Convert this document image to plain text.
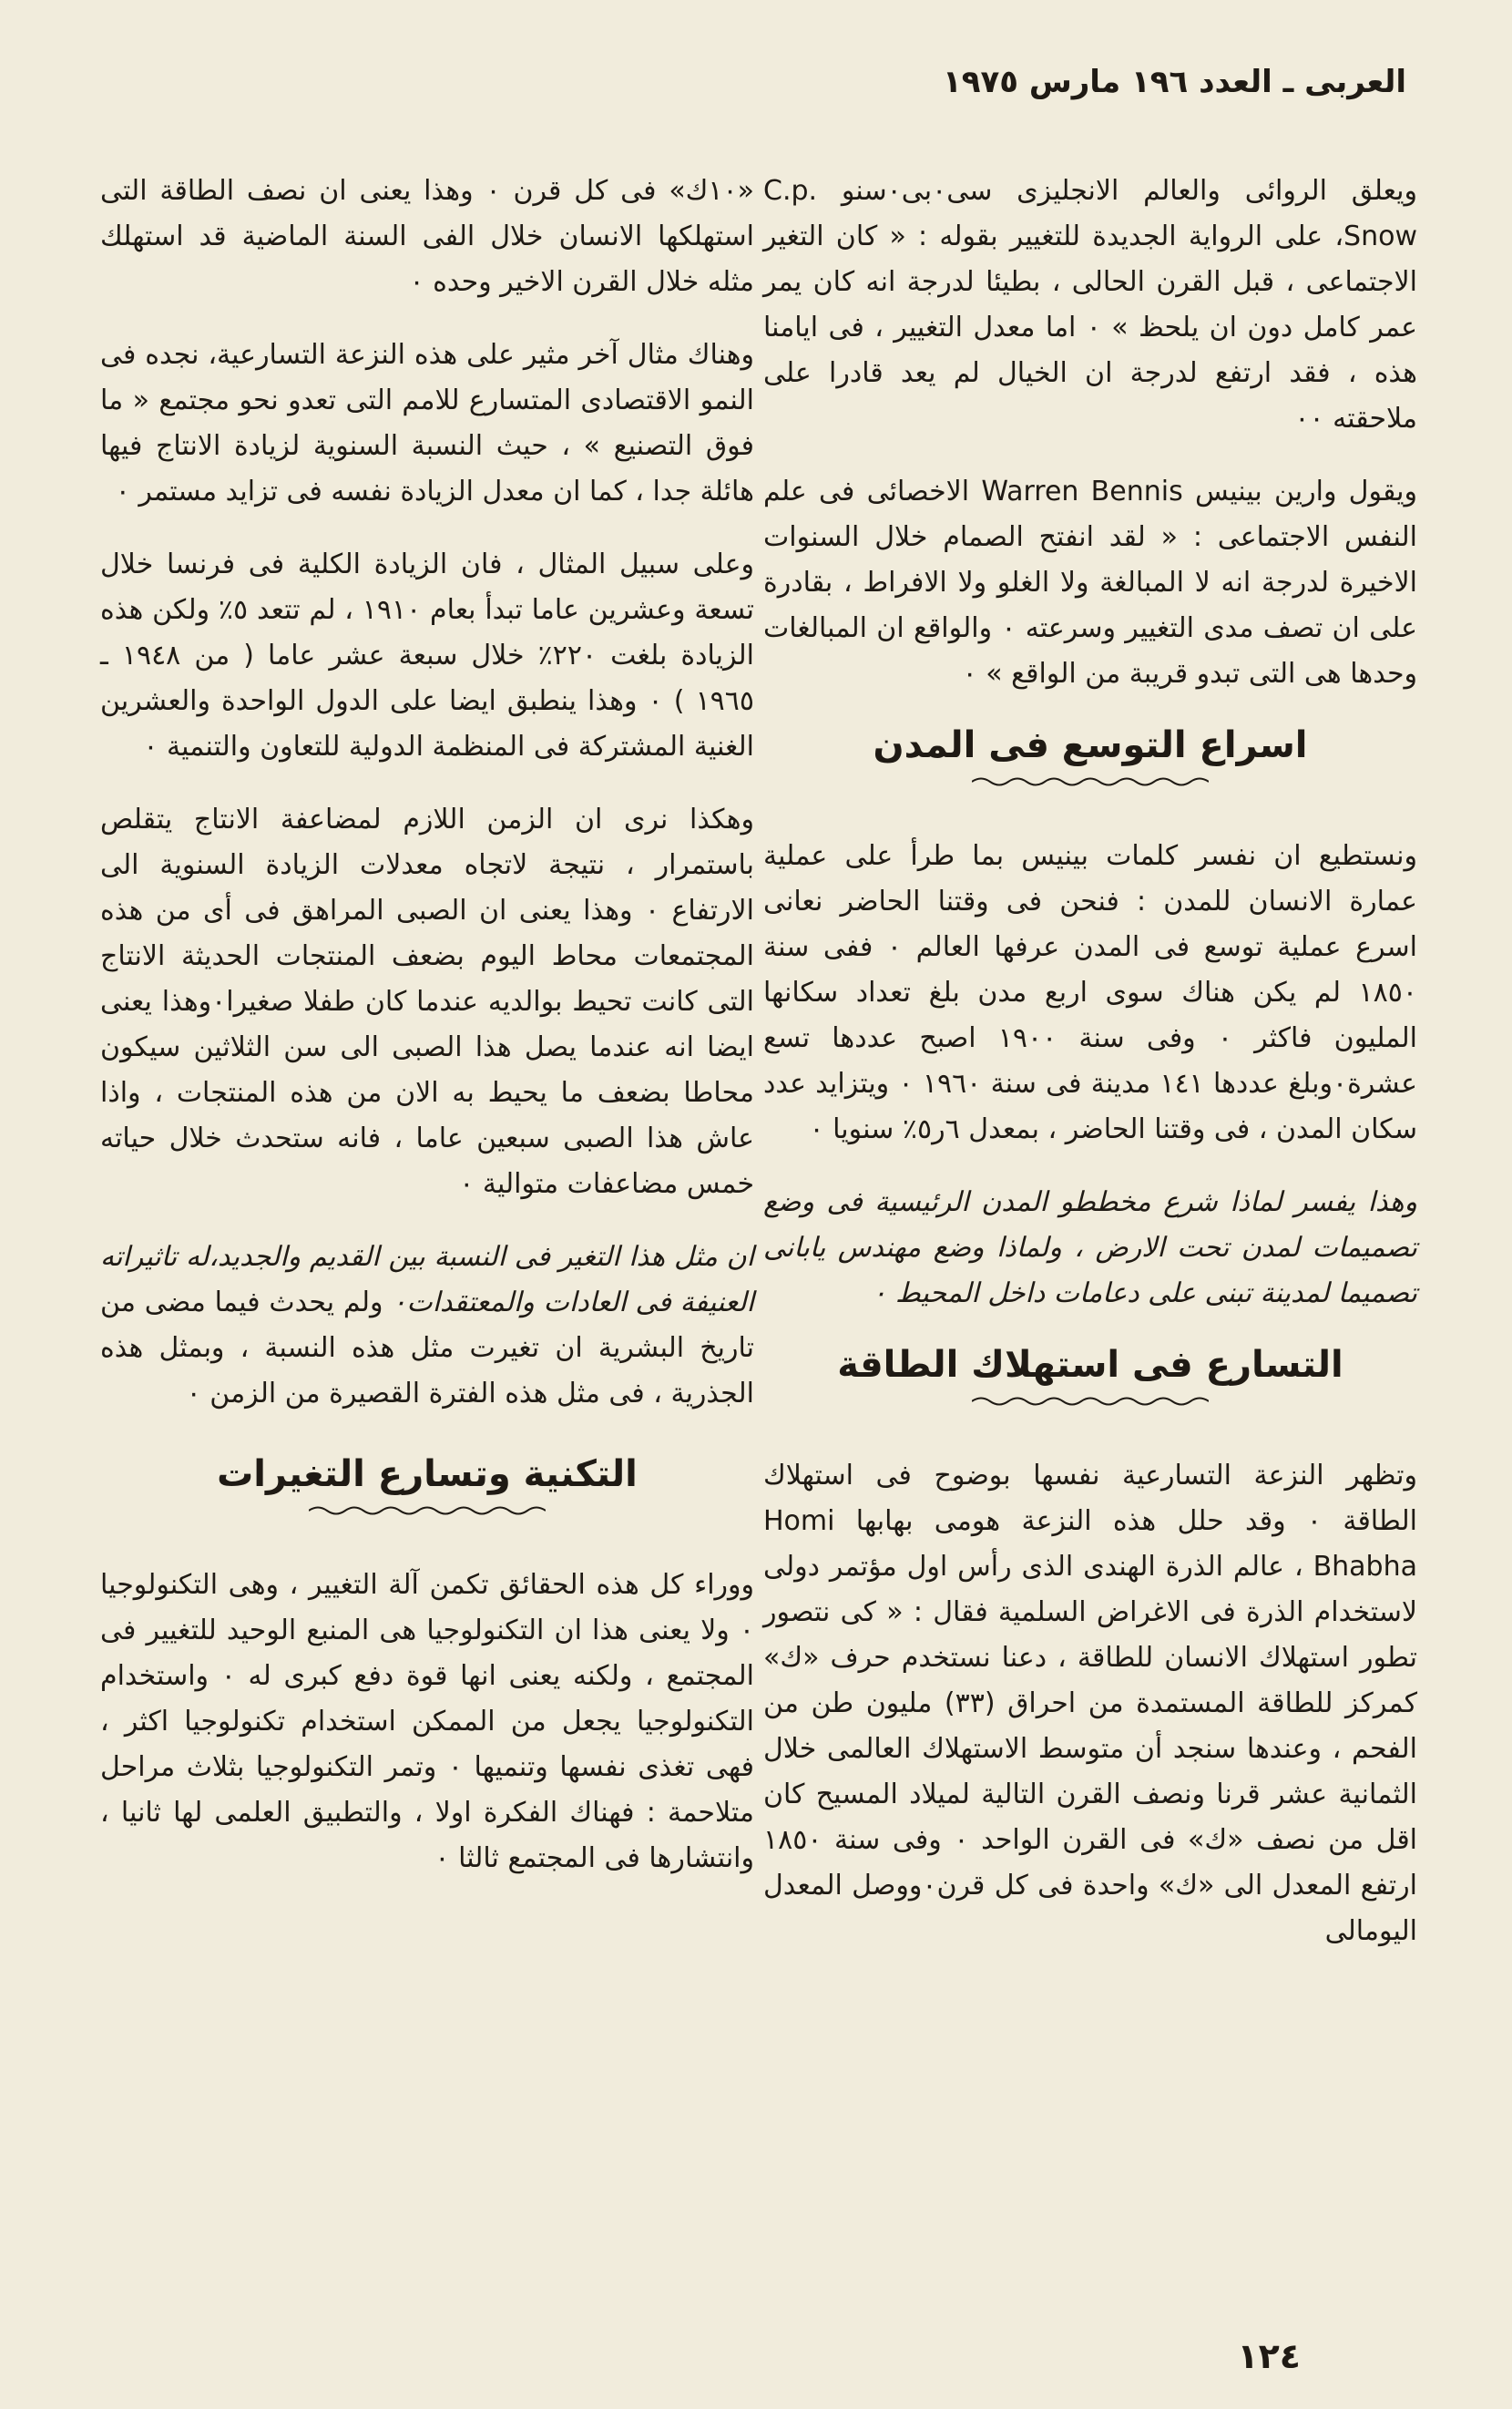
العربى ـ العدد ١٩٦ مارس ١٩٧٥

ويعلق الروائى والعالم الانجليزى سى٠بى٠سنو C.p. Snow، على الرواية الجديدة للتغيير بقوله : « كان التغير الاجتماعى ، قبل القرن الحالى ، بطيئا لدرجة انه كان يمر عمر كامل دون ان يلحظ » ٠ اما معدل التغيير ، فى ايامنا هذه ، فقد ارتفع لدرجة ان الخيال لم يعد قادرا على ملاحقته ٠٠

ويقول وارين بينيس Warren Bennis الاخصائى فى علم النفس الاجتماعى : « لقد انفتح الصمام خلال السنوات الاخيرة لدرجة انه لا المبالغة ولا الغلو ولا الافراط ، بقادرة على ان تصف مدى التغيير وسرعته ٠ والواقع ان المبالغات وحدها هى التى تبدو قريبة من الواقع » ٠

اسراع التوسع فى المدن

ونستطيع ان نفسر كلمات بينيس بما طرأ على عملية عمارة الانسان للمدن : فنحن فى وقتنا الحاضر نعانى اسرع عملية توسع فى المدن عرفها العالم ٠ ففى سنة ١٨٥٠ لم يكن هناك سوى اربع مدن بلغ تعداد سكانها المليون فاكثر ٠ وفى سنة ١٩٠٠ اصبح عددها تسع عشرة٠وبلغ عددها ١٤١ مدينة فى سنة ١٩٦٠ ٠ ويتزايد عدد سكان المدن ، فى وقتنا الحاضر ، بمعدل ٦ر٥٪ سنويا ٠

وهذا يفسر لماذا شرع مخططو المدن الرئيسية فى وضع تصميمات لمدن تحت الارض ، ولماذا وضع مهندس يابانى تصميما لمدينة تبنى على دعامات داخل المحيط ٠

التسارع فى استهلاك الطاقة

وتظهر النزعة التسارعية نفسها بوضوح فى استهلاك الطاقة ٠ وقد حلل هذه النزعة هومى بهابها Homi Bhabha ، عالم الذرة الهندى الذى رأس اول مؤتمر دولى لاستخدام الذرة فى الاغراض السلمية فقال : « كى نتصور تطور استهلاك الانسان للطاقة ، دعنا نستخدم حرف «ك» كمركز للطاقة المستمدة من احراق (٣٣) مليون طن من الفحم ، وعندها سنجد أن متوسط الاستهلاك العالمى خلال الثمانية عشر قرنا ونصف القرن التالية لميلاد المسيح كان اقل من نصف «ك» فى القرن الواحد ٠ وفى سنة ١٨٥٠ ارتفع المعدل الى «ك» واحدة فى كل قرن٠ووصل المعدل اليومالى

«١٠ك» فى كل قرن ٠ وهذا يعنى ان نصف الطاقة التى استهلكها الانسان خلال الفى السنة الماضية قد استهلك مثله خلال القرن الاخير وحده ٠

وهناك مثال آخر مثير على هذه النزعة التسارعية، نجده فى النمو الاقتصادى المتسارع للامم التى تعدو نحو مجتمع « ما فوق التصنيع » ، حيث النسبة السنوية لزيادة الانتاج فيها هائلة جدا ، كما ان معدل الزيادة نفسه فى تزايد مستمر ٠

وعلى سبيل المثال ، فان الزيادة الكلية فى فرنسا خلال تسعة وعشرين عاما تبدأ بعام ١٩١٠ ، لم تتعد ٥٪ ولكن هذه الزيادة بلغت ٢٢٠٪ خلال سبعة عشر عاما ( من ١٩٤٨ ـ ١٩٦٥ ) ٠ وهذا ينطبق ايضا على الدول الواحدة والعشرين الغنية المشتركة فى المنظمة الدولية للتعاون والتنمية ٠

وهكذا نرى ان الزمن اللازم لمضاعفة الانتاج يتقلص باستمرار ، نتيجة لاتجاه معدلات الزيادة السنوية الى الارتفاع ٠ وهذا يعنى ان الصبى المراهق فى أى من هذه المجتمعات محاط اليوم بضعف المنتجات الحديثة الانتاج التى كانت تحيط بوالديه عندما كان طفلا صغيرا٠وهذا يعنى ايضا انه عندما يصل هذا الصبى الى سن الثلاثين سيكون محاطا بضعف ما يحيط به الان من هذه المنتجات ، واذا عاش هذا الصبى سبعين عاما ، فانه ستحدث خلال حياته خمس مضاعفات متوالية ٠

ان مثل هذا التغير فى النسبة بين القديم والجديد،له تاثيراته العنيفة فى العادات والمعتقدات٠ ولم يحدث فيما مضى من تاريخ البشرية ان تغيرت مثل هذه النسبة ، وبمثل هذه الجذرية ، فى مثل هذه الفترة القصيرة من الزمن ٠

التكنية وتسارع التغيرات

ووراء كل هذه الحقائق تكمن آلة التغيير ، وهى التكنولوجيا ٠ ولا يعنى هذا ان التكنولوجيا هى المنبع الوحيد للتغيير فى المجتمع ، ولكنه يعنى انها قوة دفع كبرى له ٠ واستخدام التكنولوجيا يجعل من الممكن استخدام تكنولوجيا اكثر ، فهى تغذى نفسها وتنميها ٠ وتمر التكنولوجيا بثلاث مراحل متلاحمة : فهناك الفكرة اولا ، والتطبيق العلمى لها ثانيا ، وانتشارها فى المجتمع ثالثا ٠

١٢٤
